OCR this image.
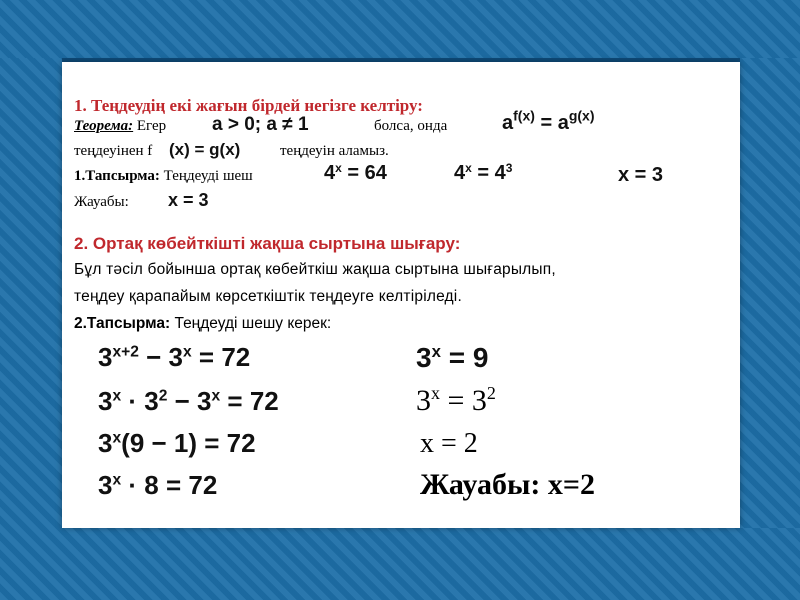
1. Теңдеудің екі жағын бірдей негізге келтіру:
Теорема: Егер a > 0; a ≠ 1	болса, онда	$a^{f(x)} = a^{g(x)}$
теңдеуінен f (x) = g(x)	теңдеуін аламыз.
1.Тапсырма: Теңдеуді шеш	$4^x = 64$	$4^x = 4^3$	x = 3
Жауабы: x = 3
2. Ортақ көбейткішті жақша сыртына шығару:
Бұл тәсіл бойынша ортақ көбейткіш жақша сыртына шығарылып,
теңдеу қарапайым көрсеткіштік теңдеуге келтіріледі.
2.Тапсырма: Теңдеуді шешу керек:
$3^{x+2} - 3^x = 72$
$3^x \cdot 3^2 - 3^x = 72$
$3^x(9 - 1) = 72$
$3^x \cdot 8 = 72$
$3^x = 9$
$3^x = 3^2$
x = 2
Жауабы: x=2
